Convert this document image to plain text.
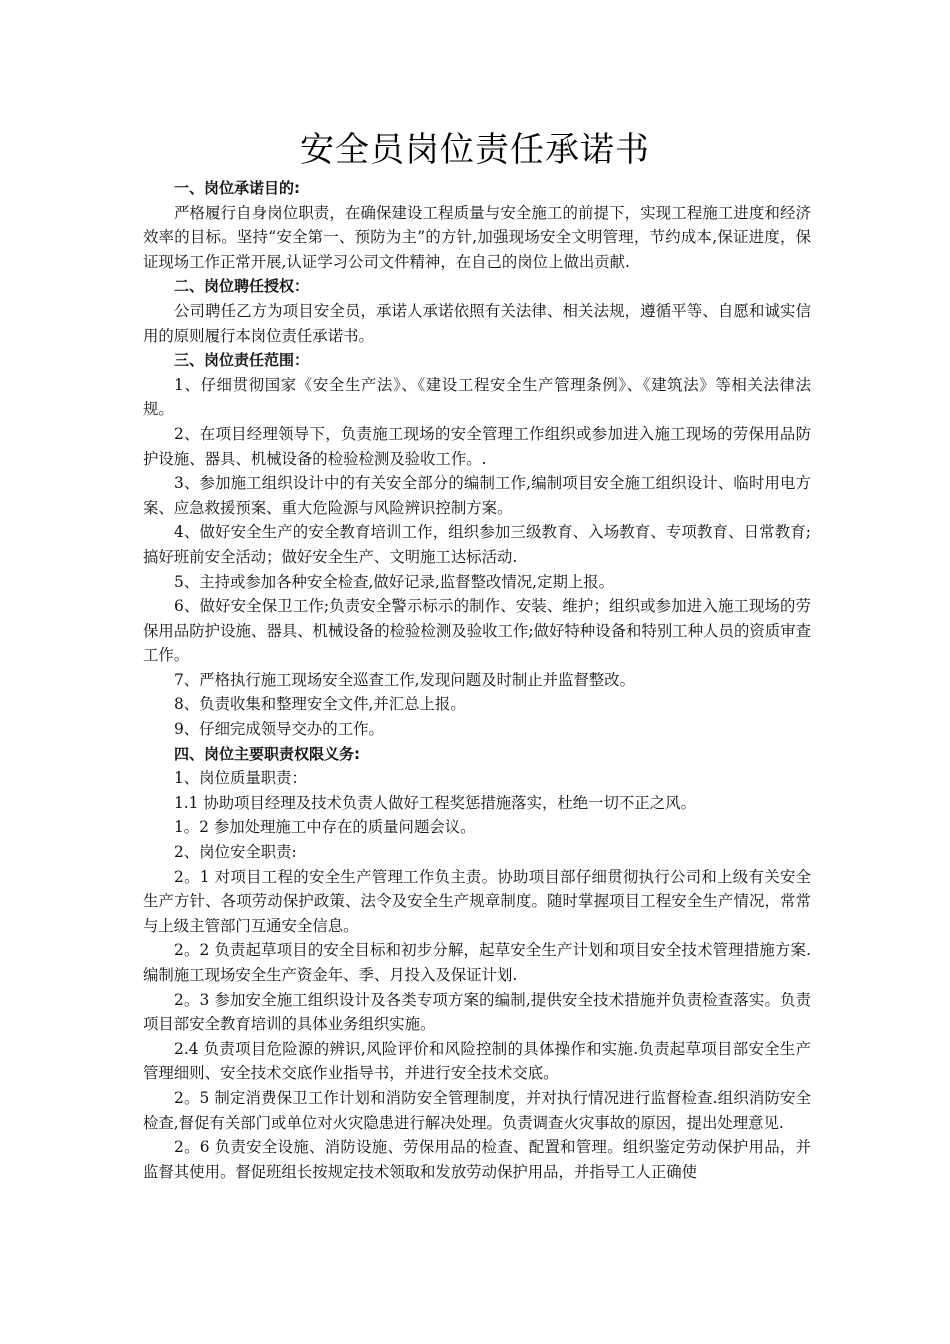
安全员岗位责任承诺书

一、岗位承诺目的:

严格履行自身岗位职责，在确保建设工程质量与安全施工的前提下，实现工程施工进度和经济效率的目标。坚持“安全第一、预防为主”的方针,加强现场安全文明管理，节约成本,保证进度，保证现场工作正常开展,认证学习公司文件精神，在自己的岗位上做出贡献.

二、岗位聘任授权：

公司聘任乙方为项目安全员，承诺人承诺依照有关法律、相关法规，遵循平等、自愿和诚实信用的原则履行本岗位责任承诺书。

三、岗位责任范围：

1、仔细贯彻国家《安全生产法》、《建设工程安全生产管理条例》、《建筑法》等相关法律法规。

2、在项目经理领导下，负责施工现场的安全管理工作组织或参加进入施工现场的劳保用品防护设施、器具、机械设备的检验检测及验收工作。.

3、参加施工组织设计中的有关安全部分的编制工作,编制项目安全施工组织设计、临时用电方案、应急救援预案、重大危险源与风险辨识控制方案。

4、做好安全生产的安全教育培训工作，组织参加三级教育、入场教育、专项教育、日常教育;搞好班前安全活动；做好安全生产、文明施工达标活动.

5、主持或参加各种安全检查,做好记录,监督整改情况,定期上报。

6、做好安全保卫工作;负责安全警示标示的制作、安装、维护；组织或参加进入施工现场的劳保用品防护设施、器具、机械设备的检验检测及验收工作;做好特种设备和特别工种人员的资质审查工作。

7、严格执行施工现场安全巡查工作,发现问题及时制止并监督整改。

8、负责收集和整理安全文件,并汇总上报。

9、仔细完成领导交办的工作。

四、岗位主要职责权限义务:

1、岗位质量职责：

1.1 协助项目经理及技术负责人做好工程奖惩措施落实，杜绝一切不正之风。

1。2 参加处理施工中存在的质量问题会议。

2、岗位安全职责:

2。1 对项目工程的安全生产管理工作负主责。协助项目部仔细贯彻执行公司和上级有关安全生产方针、各项劳动保护政策、法令及安全生产规章制度。随时掌握项目工程安全生产情况，常常与上级主管部门互通安全信息。

2。2 负责起草项目的安全目标和初步分解，起草安全生产计划和项目安全技术管理措施方案.编制施工现场安全生产资金年、季、月投入及保证计划.

2。3 参加安全施工组织设计及各类专项方案的编制,提供安全技术措施并负责检查落实。负责项目部安全教育培训的具体业务组织实施。

2.4 负责项目危险源的辨识,风险评价和风险控制的具体操作和实施.负责起草项目部安全生产管理细则、安全技术交底作业指导书，并进行安全技术交底。

2。5 制定消费保卫工作计划和消防安全管理制度，并对执行情况进行监督检查.组织消防安全检查,督促有关部门或单位对火灾隐患进行解决处理。负责调查火灾事故的原因，提出处理意见.

2。6 负责安全设施、消防设施、劳保用品的检查、配置和管理。组织鉴定劳动保护用品，并监督其使用。督促班组长按规定技术领取和发放劳动保护用品，并指导工人正确使
